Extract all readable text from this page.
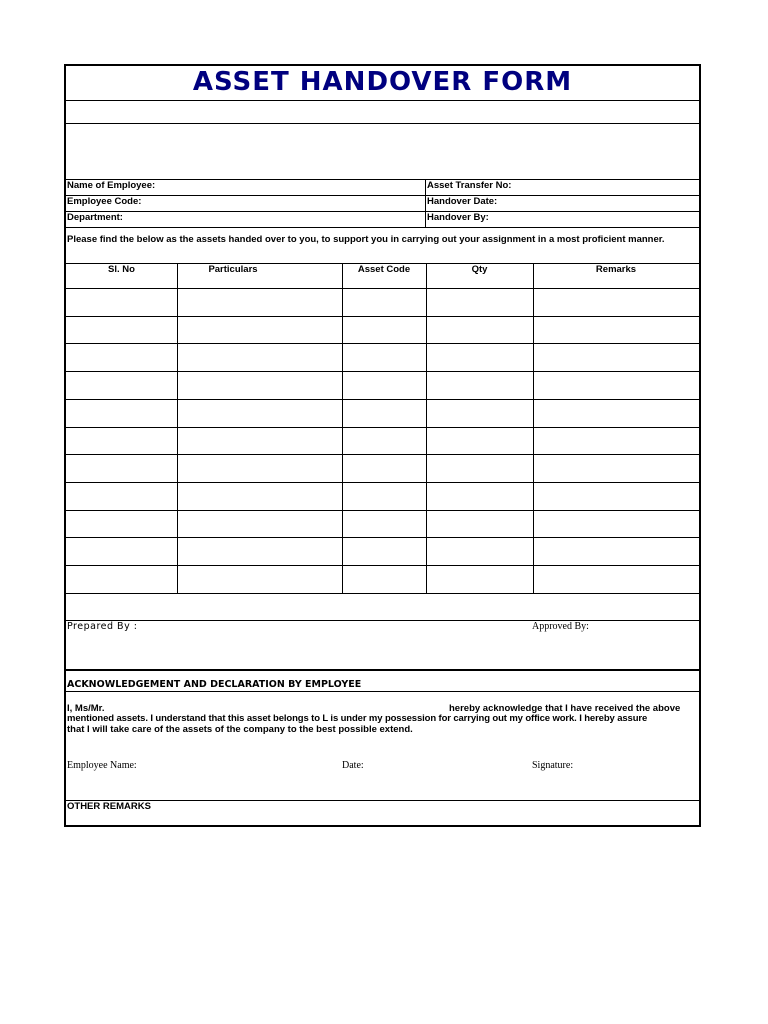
ASSET HANDOVER FORM
Name of Employee:	Asset Transfer No:
Employee Code:	Handover Date:
Department:	Handover By:
Please find the below as the assets handed over to you, to support you in carrying out your assignment in a most proficient manner.
Sl. No	Particulars	Asset Code	Qty	Remarks
Prepared By :	Approved By:
ACKNOWLEDGEMENT AND DECLARATION BY EMPLOYEE
I, Ms/Mr.	hereby acknowledge that I have received the above
mentioned assets. I understand that this asset belongs to L is under my possession for carrying out my office work. I hereby assure
that I will take care of the assets of the company to the best possible extend.
Employee Name:	Date:	Signature:
OTHER REMARKS
